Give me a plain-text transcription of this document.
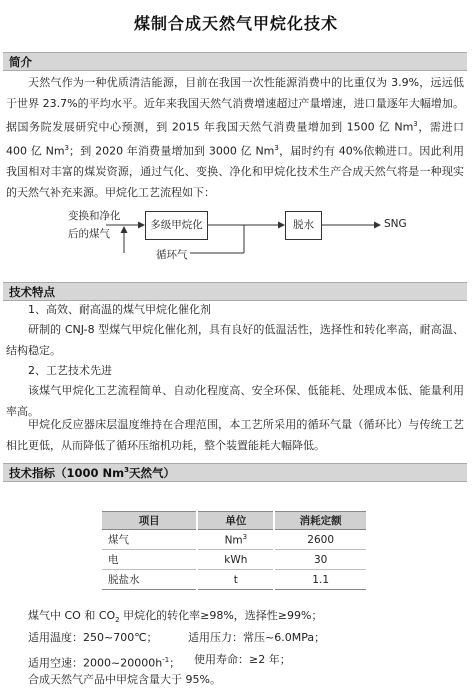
煤制合成天然气甲烷化技术
简介

天然气作为一种优质清洁能源，目前在我国一次性能源消费中的比重仅为 3.9%，远远低于世界 23.7%的平均水平。近年来我国天然气消费增速超过产量增速，进口量逐年大幅增加。据国务院发展研究中心预测，到 2015 年我国天然气消费量增加到 1500 亿 Nm$^3$，需进口 400 亿 Nm$^3$；到 2020 年消费量增加到 3000 亿 Nm$^3$，届时约有 40%依赖进口。因此利用我国相对丰富的煤炭资源，通过气化、变换、净化和甲烷化技术生产合成天然气将是一种现实的天然气补充来源。甲烷化工艺流程如下：

变换和净化
后的煤气
多级甲烷化	脱水	SNG
循环气
技术特点

1、高效、耐高温的煤气甲烷化催化剂

研制的 CNJ-8 型煤气甲烷化催化剂，具有良好的低温活性，选择性和转化率高，耐高温、结构稳定。

2、工艺技术先进

该煤气甲烷化工艺流程简单、自动化程度高、安全环保、低能耗、处理成本低、能量利用率高。

甲烷化反应器床层温度维持在合理范围，本工艺所采用的循环气量（循环比）与传统工艺相比更低，从而降低了循环压缩机功耗，整个装置能耗大幅降低。

技术指标（1000 Nm$^3$天然气）
项目	单位	消耗定额
煤气	Nm$^3$	2600
电	kWh	30
脱盐水	t	1.1
煤气中 CO 和 $CO_2$ 甲烷化的转化率≥98%，选择性≥99%；
适用温度：250~700℃；	适用压力：常压~6.0MPa；
适用空速：$2000\sim 20000h^{-1}$； 使用寿命：≥2 年；
合成天然气产品中甲烷含量大于 95%。
